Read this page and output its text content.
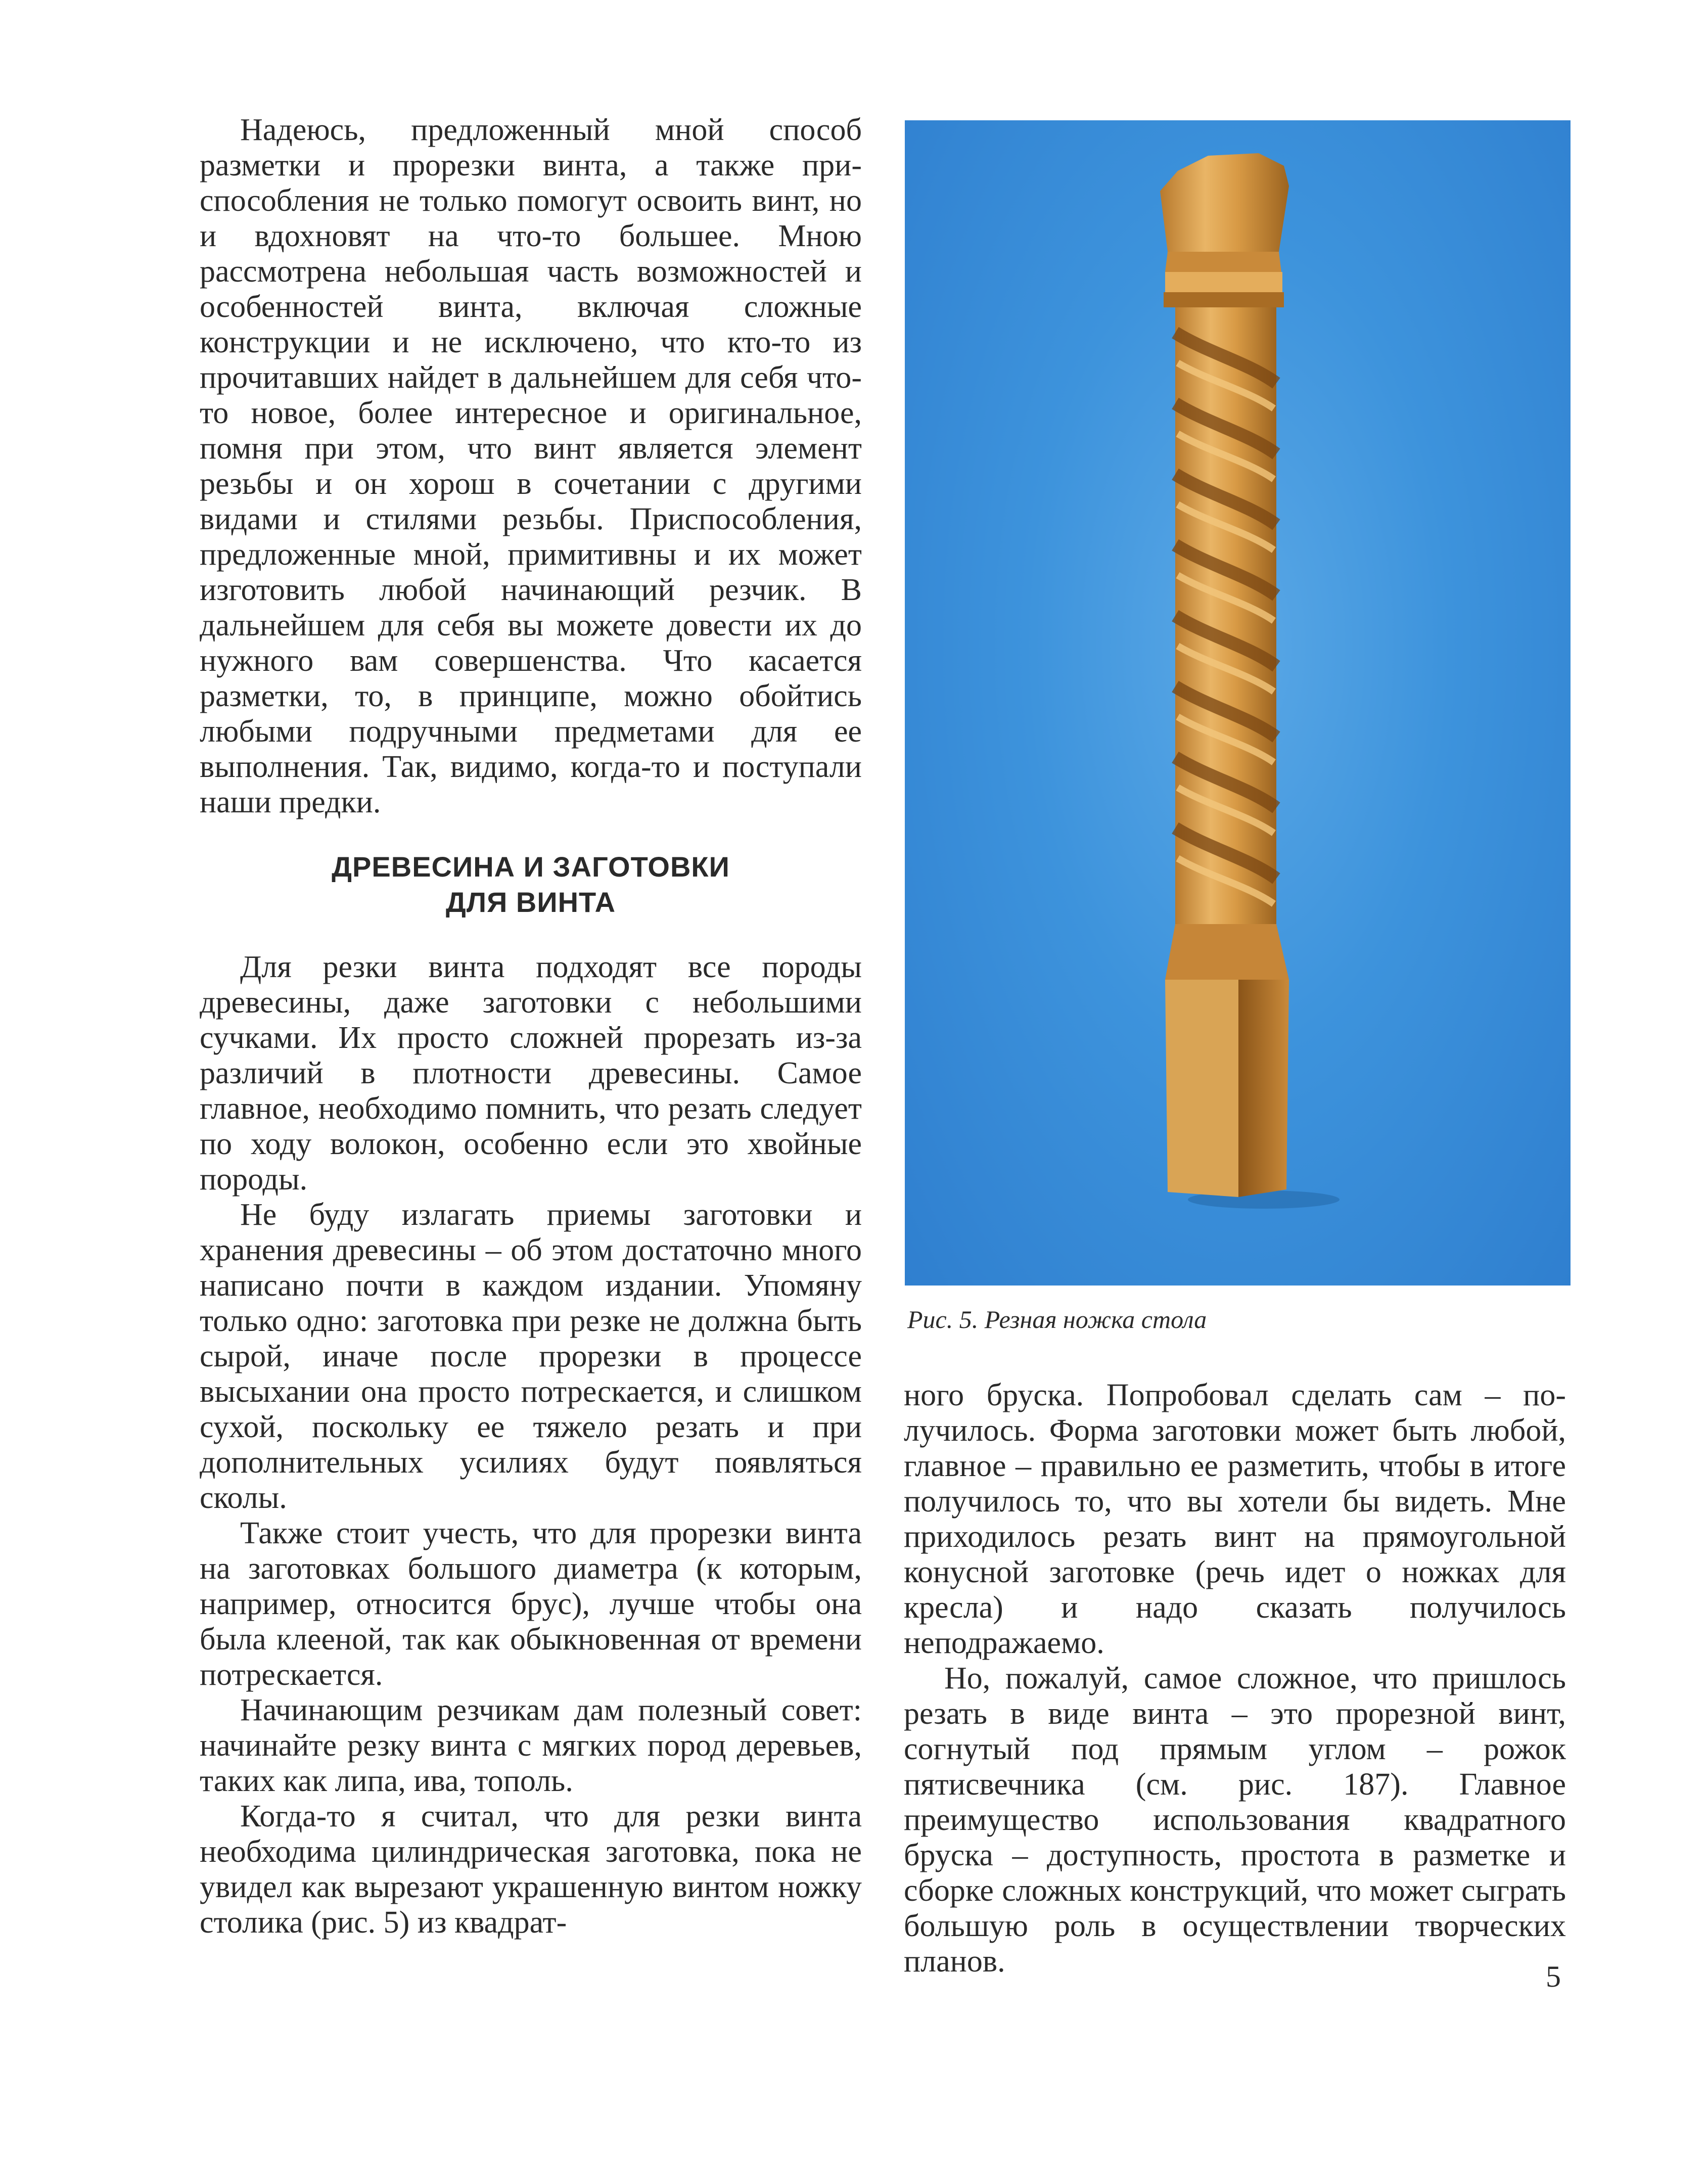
Надеюсь, предложенный мной способ разметки и прорезки винта, а также приспособления не только помогут освоить винт, но и вдохновят на что-то большее. Мною рассмотрена небольшая часть возможностей и особенностей винта, включая сложные конструкции и не исключено, что кто-то из прочитавших найдет в дальнейшем для себя что-то новое, более интересное и оригинальное, помня при этом, что винт является элемент резьбы и он хорош в сочетании с другими видами и стилями резьбы. Приспособления, предложенные мной, примитивны и их может изготовить любой начинающий резчик. В дальнейшем для себя вы можете довести их до нужного вам совершенства. Что касается разметки, то, в принципе, можно обойтись любыми подручными предметами для ее выполнения. Так, видимо, когда-то и поступали наши предки.

ДРЕВЕСИНА И ЗАГОТОВКИ
ДЛЯ ВИНТА

Для резки винта подходят все породы древесины, даже заготовки с небольшими сучками. Их просто сложней прорезать из-за различий в плотности древесины. Самое главное, необходимо помнить, что резать следует по ходу волокон, особенно если это хвойные породы.

Не буду излагать приемы заготовки и хранения древесины – об этом достаточно много написано почти в каждом издании. Упомяну только одно: заготовка при резке не должна быть сырой, иначе после прорезки в процессе высыхании она просто потрескается, и слишком сухой, поскольку ее тяжело резать и при дополнительных усилиях будут появляться сколы.

Также стоит учесть, что для прорезки винта на заготовках большого диаметра (к которым, например, относится брус), лучше чтобы она была клееной, так как обыкновенная от времени потрескается.

Начинающим резчикам дам полезный совет: начинайте резку винта с мягких пород деревьев, таких как липа, ива, тополь.

Когда-то я считал, что для резки винта необходима цилиндрическая заготовка, пока не увидел как вырезают украшенную винтом ножку столика (рис. 5) из квадрат-

Рис. 5. Резная ножка стола

ного бруска. Попробовал сделать сам – получилось. Форма заготовки может быть любой, главное – правильно ее разметить, чтобы в итоге получилось то, что вы хотели бы видеть. Мне приходилось резать винт на прямоугольной конусной заготовке (речь идет о ножках для кресла) и надо сказать получилось неподражаемо.

Но, пожалуй, самое сложное, что пришлось резать в виде винта – это прорезной винт, согнутый под прямым углом – рожок пятисвечника (см. рис. 187). Главное преимущество использования квадратного бруска – доступность, простота в разметке и сборке сложных конструкций, что может сыграть большую роль в осуществлении творческих планов.	5
